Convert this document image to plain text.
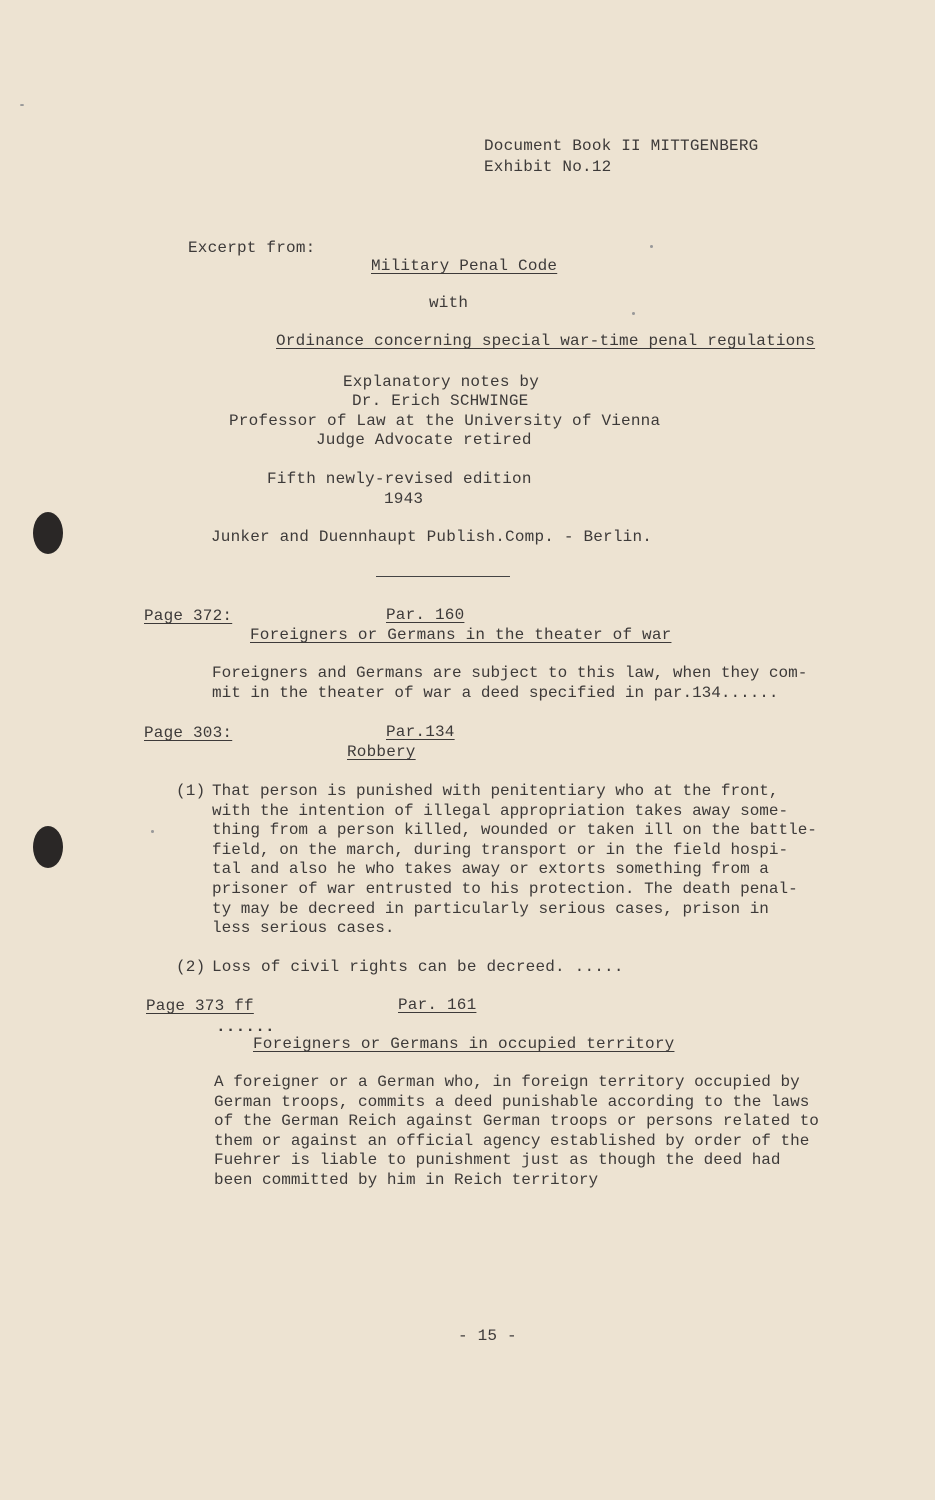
Document Book II MITTGENBERG
Exhibit No.12
Excerpt from:
Military Penal Code
with
Ordinance concerning special war-time penal regulations
Explanatory notes by
Dr. Erich SCHWINGE
Professor of Law at the University of Vienna
Judge Advocate retired
Fifth newly-revised edition
1943
Junker and Duennhaupt Publish.Comp. - Berlin.
Page 372:	Par. 160
Foreigners or Germans in the theater of war
Foreigners and Germans are subject to this law, when they com-
mit in the theater of war a deed specified in par.134......
Page 303:	Par.134
Robbery
(1) That person is punished with penitentiary who at the front,
with the intention of illegal appropriation takes away some-
thing from a person killed, wounded or taken ill on the battle-
field, on the march, during transport or in the field hospi-
tal and also he who takes away or extorts something from a
prisoner of war entrusted to his protection. The death penal-
ty may be decreed in particularly serious cases, prison in
less serious cases.
(2) Loss of civil rights can be decreed. .....
Page 373 ff	Par. 161
......
Foreigners or Germans in occupied territory
A foreigner or a German who, in foreign territory occupied by
German troops, commits a deed punishable according to the laws
of the German Reich against German troops or persons related to
them or against an official agency established by order of the
Fuehrer is liable to punishment just as though the deed had
been committed by him in Reich territory
- 15 -
